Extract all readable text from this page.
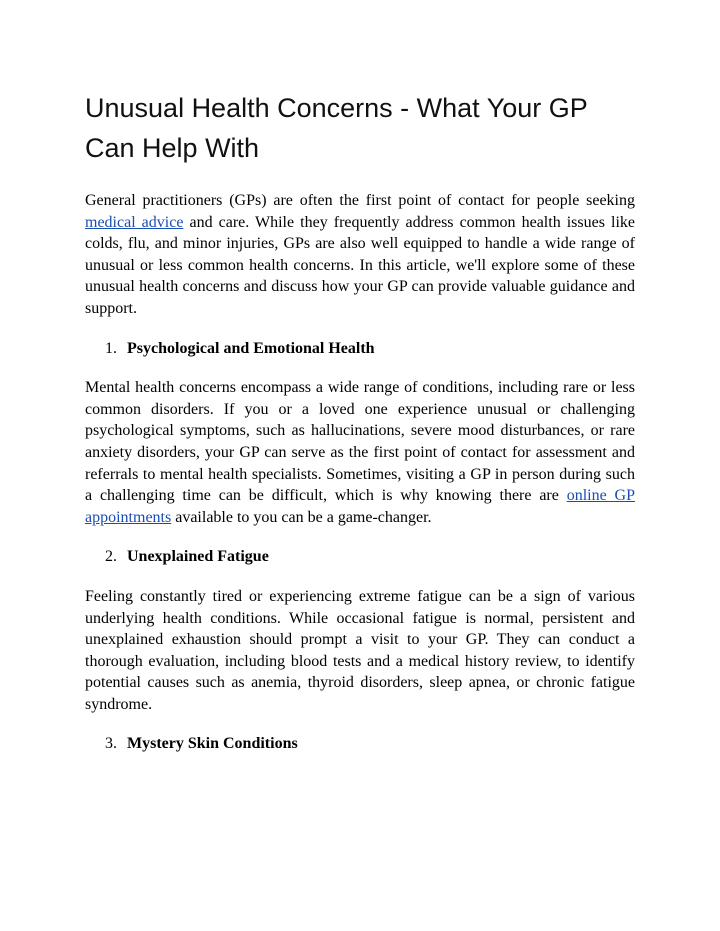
Unusual Health Concerns - What Your GP Can Help With

General practitioners (GPs) are often the first point of contact for people seeking medical advice and care. While they frequently address common health issues like colds, flu, and minor injuries, GPs are also well equipped to handle a wide range of unusual or less common health concerns. In this article, we'll explore some of these unusual health concerns and discuss how your GP can provide valuable guidance and support.

1. Psychological and Emotional Health

Mental health concerns encompass a wide range of conditions, including rare or less common disorders. If you or a loved one experience unusual or challenging psychological symptoms, such as hallucinations, severe mood disturbances, or rare anxiety disorders, your GP can serve as the first point of contact for assessment and referrals to mental health specialists. Sometimes, visiting a GP in person during such a challenging time can be difficult, which is why knowing there are online GP appointments available to you can be a game-changer.

2. Unexplained Fatigue

Feeling constantly tired or experiencing extreme fatigue can be a sign of various underlying health conditions. While occasional fatigue is normal, persistent and unexplained exhaustion should prompt a visit to your GP. They can conduct a thorough evaluation, including blood tests and a medical history review, to identify potential causes such as anemia, thyroid disorders, sleep apnea, or chronic fatigue syndrome.

3. Mystery Skin Conditions
